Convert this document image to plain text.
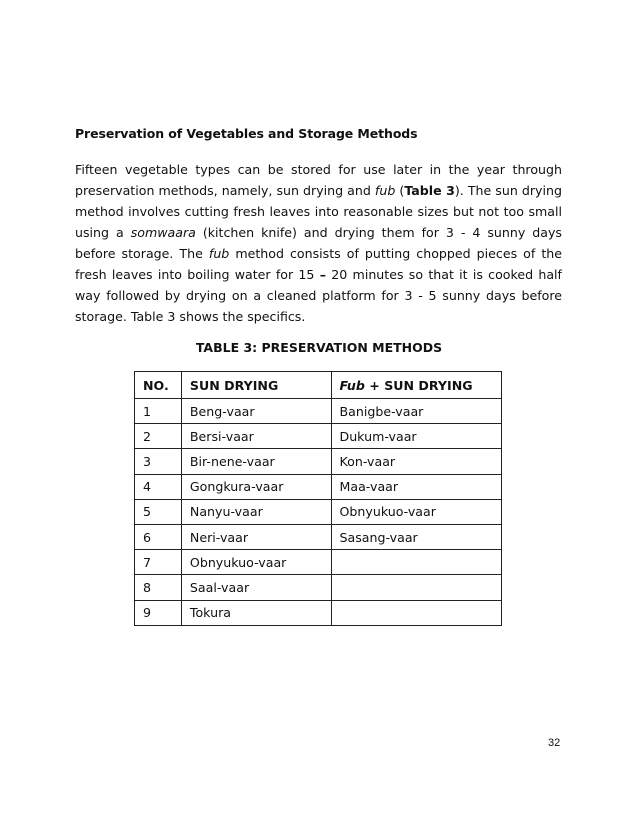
Preservation of Vegetables and Storage Methods

Fifteen vegetable types can be stored for use later in the year through preservation methods, namely, sun drying and fub (Table 3). The sun drying method involves cutting fresh leaves into reasonable sizes but not too small using a somwaara (kitchen knife) and drying them for 3 - 4 sunny days before storage. The fub method consists of putting chopped pieces of the fresh leaves into boiling water for 15 – 20 minutes so that it is cooked half way followed by drying on a cleaned platform for 3 - 5 sunny days before storage. Table 3 shows the specifics.

TABLE 3: PRESERVATION METHODS

NO.	SUN DRYING	Fub + SUN DRYING
1	Beng-vaar	Banigbe-vaar
2	Bersi-vaar	Dukum-vaar
3	Bir-nene-vaar	Kon-vaar
4	Gongkura-vaar	Maa-vaar
5	Nanyu-vaar	Obnyukuo-vaar
6	Neri-vaar	Sasang-vaar
7	Obnyukuo-vaar	
8	Saal-vaar	
9	Tokura	

32
